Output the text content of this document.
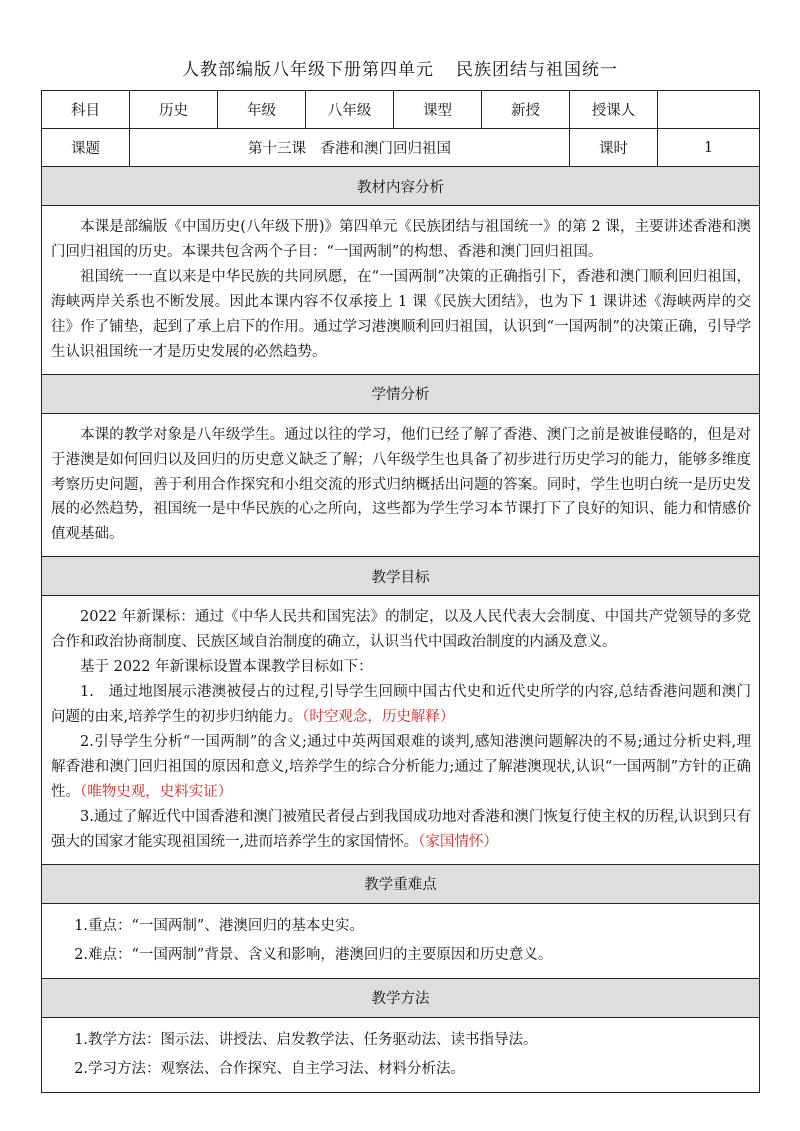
人教部编版八年级下册第四单元 民族团结与祖国统一
科目	历史	年级	八年级	课型	新授	授课人	
课题	第十三课　香港和澳门回归祖国					课时	1
教材内容分析							

本课是部编版《中国历史(八年级下册)》第四单元《民族团结与祖国统一》的第 2 课，主要讲述香港和澳门回归祖国的历史。本课共包含两个子目：“一国两制”的构想、香港和澳门回归祖国。

祖国统一一直以来是中华民族的共同夙愿，在“一国两制”决策的正确指引下，香港和澳门顺利回归祖国，海峡两岸关系也不断发展。因此本课内容不仅承接上 1 课《民族大团结》，也为下 1 课讲述《海峡两岸的交往》作了铺垫，起到了承上启下的作用。通过学习港澳顺利回归祖国，认识到“一国两制”的决策正确，引导学生认识祖国统一才是历史发展的必然趋势。							

学情分析							

本课的教学对象是八年级学生。通过以往的学习，他们已经了解了香港、澳门之前是被谁侵略的，但是对于港澳是如何回归以及回归的历史意义缺乏了解；八年级学生也具备了初步进行历史学习的能力，能够多维度考察历史问题，善于利用合作探究和小组交流的形式归纳概括出问题的答案。同时，学生也明白统一是历史发展的必然趋势，祖国统一是中华民族的心之所向，这些都为学生学习本节课打下了良好的知识、能力和情感价值观基础。							

教学目标							

2022 年新课标：通过《中华人民共和国宪法》的制定，以及人民代表大会制度、中国共产党领导的多党合作和政治协商制度、民族区域自治制度的确立，认识当代中国政治制度的内涵及意义。

基于 2022 年新课标设置本课教学目标如下：

1.　通过地图展示港澳被侵占的过程,引导学生回顾中国古代史和近代史所学的内容,总结香港问题和澳门问题的由来,培养学生的初步归纳能力。（时空观念，历史解释）

2.引导学生分析“一国两制”的含义;通过中英两国艰难的谈判,感知港澳问题解决的不易;通过分析史料,理解香港和澳门回归祖国的原因和意义,培养学生的综合分析能力;通过了解港澳现状,认识“一国两制”方针的正确性。（唯物史观，史料实证）

3.通过了解近代中国香港和澳门被殖民者侵占到我国成功地对香港和澳门恢复行使主权的历程,认识到只有强大的国家才能实现祖国统一,进而培养学生的家国情怀。（家国情怀）							

教学重难点							

1.重点：“一国两制”、港澳回归的基本史实。

2.难点：“一国两制”背景、含义和影响，港澳回归的主要原因和历史意义。							

教学方法							

1.教学方法：图示法、讲授法、启发教学法、任务驱动法、读书指导法。

2.学习方法：观察法、合作探究、自主学习法、材料分析法。							
